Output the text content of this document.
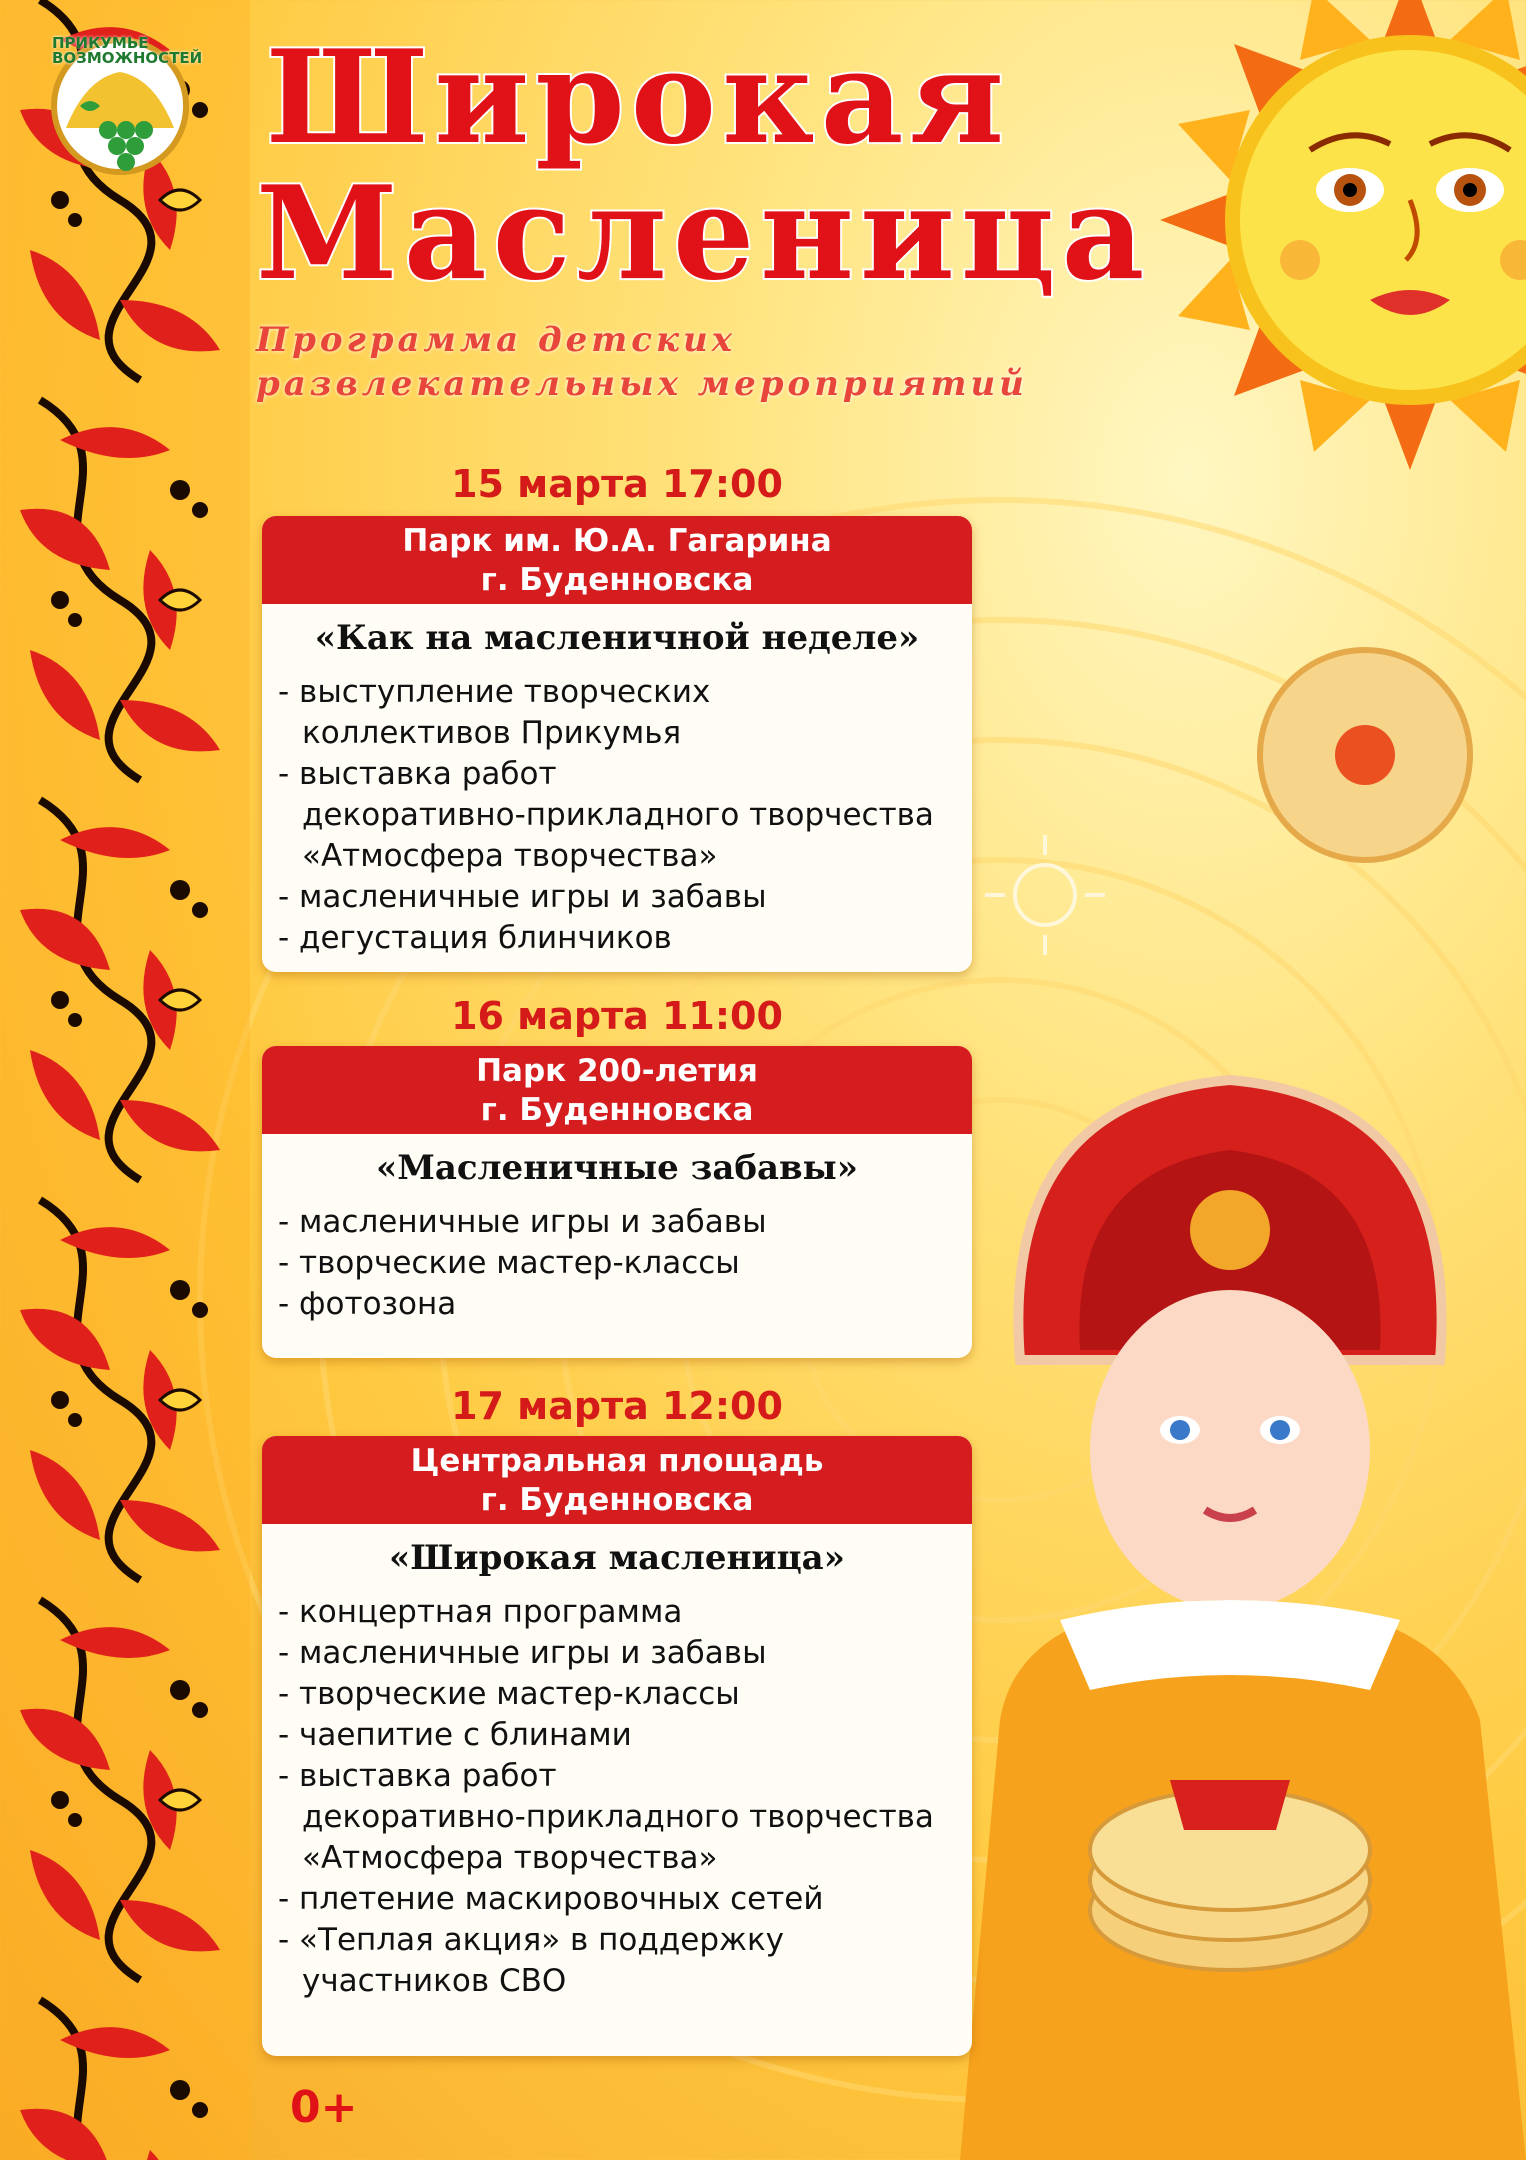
ПРИКУМЬЕ ВОЗМОЖНОСТЕЙ Широкая
Масленица
Программа детских
развлекательных мероприятий
15 марта 17:00
Парк им. Ю.А. Гагарина
г. Буденновска
«Как на масленичной неделе»
- выступление творческих
коллективов Прикумья
- выставка работ
декоративно-прикладного творчества
«Атмосфера творчества»
- масленичные игры и забавы
- дегустация блинчиков
16 марта 11:00
Парк 200-летия
г. Буденновска
«Масленичные забавы»
- масленичные игры и забавы
- творческие мастер-классы
- фотозона
17 марта 12:00
Центральная площадь
г. Буденновска
«Широкая масленица»
- концертная программа
- масленичные игры и забавы
- творческие мастер-классы
- чаепитие с блинами
- выставка работ
декоративно-прикладного творчества
«Атмосфера творчества»
- плетение маскировочных сетей
- «Теплая акция» в поддержку
участников СВО
0+
